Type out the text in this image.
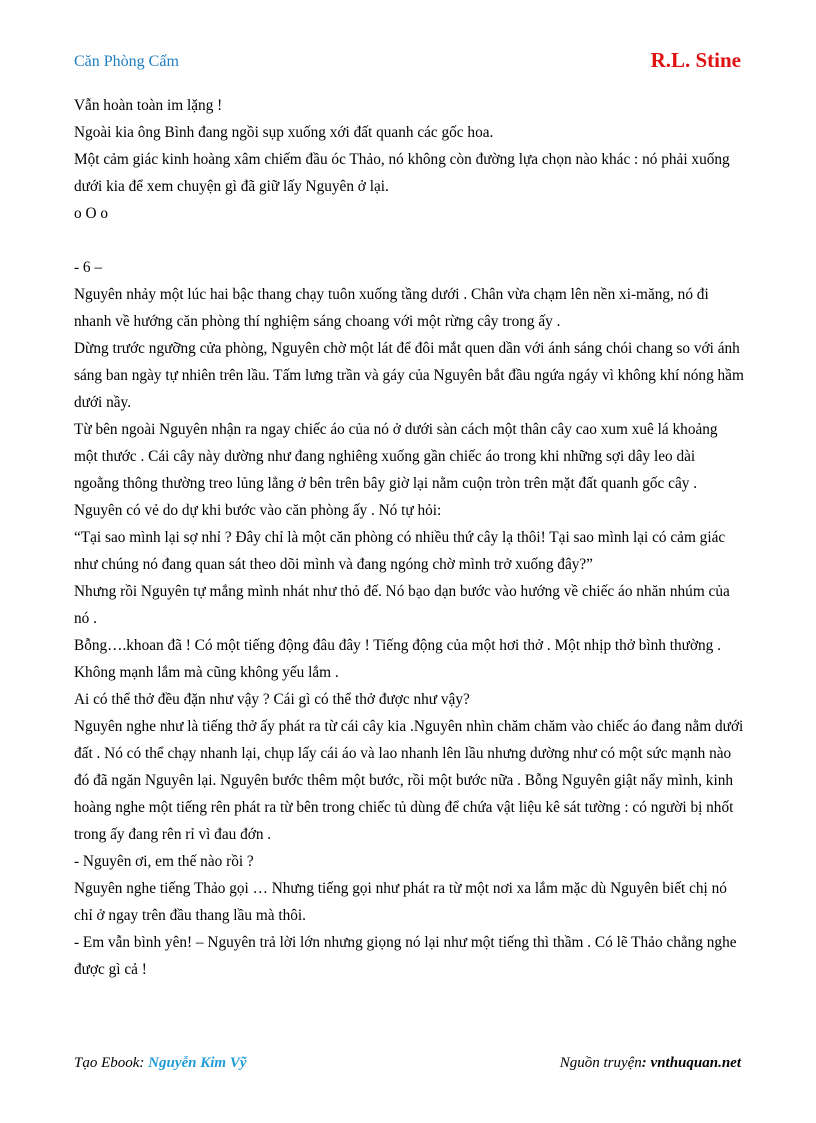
Căn Phòng Cấm	R.L. Stine

Vẫn hoàn toàn im lặng !

Ngoài kia ông Bình đang ngồi sụp xuống xới đất quanh các gốc hoa.

Một cảm giác kinh hoàng xâm chiếm đầu óc Thảo, nó không còn đường lựa chọn nào khác : nó phải xuống dưới kia để xem chuyện gì đã giữ lấy Nguyên ở lại.

o O o

- 6 –

Nguyên nhảy một lúc hai bậc thang chạy tuôn xuống tầng dưới . Chân vừa chạm lên nền xi-măng, nó đi nhanh về hướng căn phòng thí nghiệm sáng choang với một rừng cây trong ấy .

Dừng trước ngưỡng cửa phòng, Nguyên chờ một lát để đôi mắt quen dần với ánh sáng chói chang so với ánh sáng ban ngày tự nhiên trên lầu. Tấm lưng trần và gáy của Nguyên bắt đầu ngứa ngáy vì không khí nóng hầm dưới nầy.

Từ bên ngoài Nguyên nhận ra ngay chiếc áo của nó ở dưới sàn cách một thân cây cao xum xuê lá khoảng một thước . Cái cây này dường như đang nghiêng xuống gần chiếc áo trong khi những sợi dây leo dài ngoằng thông thường treo lủng lẳng ở bên trên bây giờ lại nằm cuộn tròn trên mặt đất quanh gốc cây .

Nguyên có vẻ do dự khi bước vào căn phòng ấy . Nó tự hỏi:

“Tại sao mình lại sợ nhỉ ? Đây chỉ là một căn phòng có nhiều thứ cây lạ thôi! Tại sao mình lại có cảm giác như chúng nó đang quan sát theo dõi mình và đang ngóng chờ mình trở xuống đây?”

Nhưng rồi Nguyên tự mắng mình nhát như thỏ đế. Nó bạo dạn bước vào hướng về chiếc áo nhăn nhúm của nó .

Bỗng….khoan đã ! Có một tiếng động đâu đây ! Tiếng động của một hơi thở . Một nhịp thở bình thường . Không mạnh lắm mà cũng không yếu lắm .

Ai có thể thở đều đặn như vậy ? Cái gì có thể thở được như vậy?

Nguyên nghe như là tiếng thở ấy phát ra từ cái cây kia .Nguyên nhìn chăm chăm vào chiếc áo đang nằm dưới đất . Nó có thể chạy nhanh lại, chụp lấy cái áo và lao nhanh lên lầu nhưng dường như có một sức mạnh nào đó đã ngăn Nguyên lại. Nguyên bước thêm một bước, rồi một bước nữa . Bỗng Nguyên giật nẩy mình, kinh hoàng nghe một tiếng rên phát ra từ bên trong chiếc tủ dùng để chứa vật liệu kê sát tường : có người bị nhốt trong ấy đang rên rỉ vì đau đớn .

- Nguyên ơi, em thế nào rồi ?

Nguyên nghe tiếng Thảo gọi … Nhưng tiếng gọi như phát ra từ một nơi xa lắm mặc dù Nguyên biết chị nó chỉ ở ngay trên đầu thang lầu mà thôi.

- Em vẫn bình yên! – Nguyên trả lời lớn nhưng giọng nó lại như một tiếng thì thầm . Có lẽ Thảo chẳng nghe được gì cả !

Tạo Ebook: Nguyễn Kim Vỹ	Nguồn truyện: vnthuquan.net
